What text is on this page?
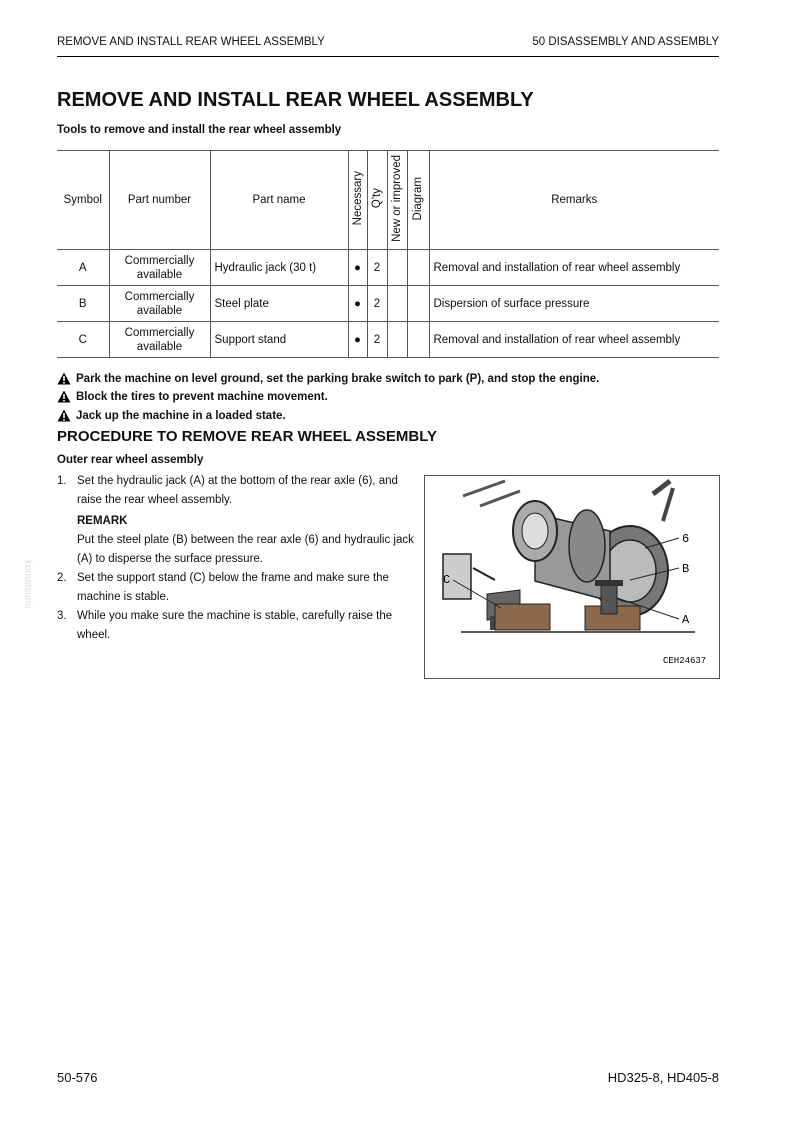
REMOVE AND INSTALL REAR WHEEL ASSEMBLY	50 DISASSEMBLY AND ASSEMBLY
REMOVE AND INSTALL REAR WHEEL ASSEMBLY
Tools to remove and install the rear wheel assembly
Symbol	Part number	Part name	Necessary	Q'ty	New or improved	Diagram	Remarks
A	Commercially available	Hydraulic jack (30 t)	●	2			Removal and installation of rear wheel assembly
B	Commercially available	Steel plate	●	2			Dispersion of surface pressure
C	Commercially available	Support stand	●	2			Removal and installation of rear wheel assembly
Park the machine on level ground, set the parking brake switch to park (P), and stop the engine.
Block the tires to prevent machine movement.
Jack up the machine in a loaded state.
PROCEDURE TO REMOVE REAR WHEEL ASSEMBLY
Outer rear wheel assembly
1. Set the hydraulic jack (A) at the bottom of the rear axle (6), and raise the rear wheel assembly.
REMARK
Put the steel plate (B) between the rear axle (6) and hydraulic jack (A) to disperse the surface pressure.
2. Set the support stand (C) below the frame and make sure the machine is stable.
3. While you make sure the machine is stable, carefully raise the wheel.
6
B
C
A
CEH24637
komatsumi
50-576	HD325-8, HD405-8
